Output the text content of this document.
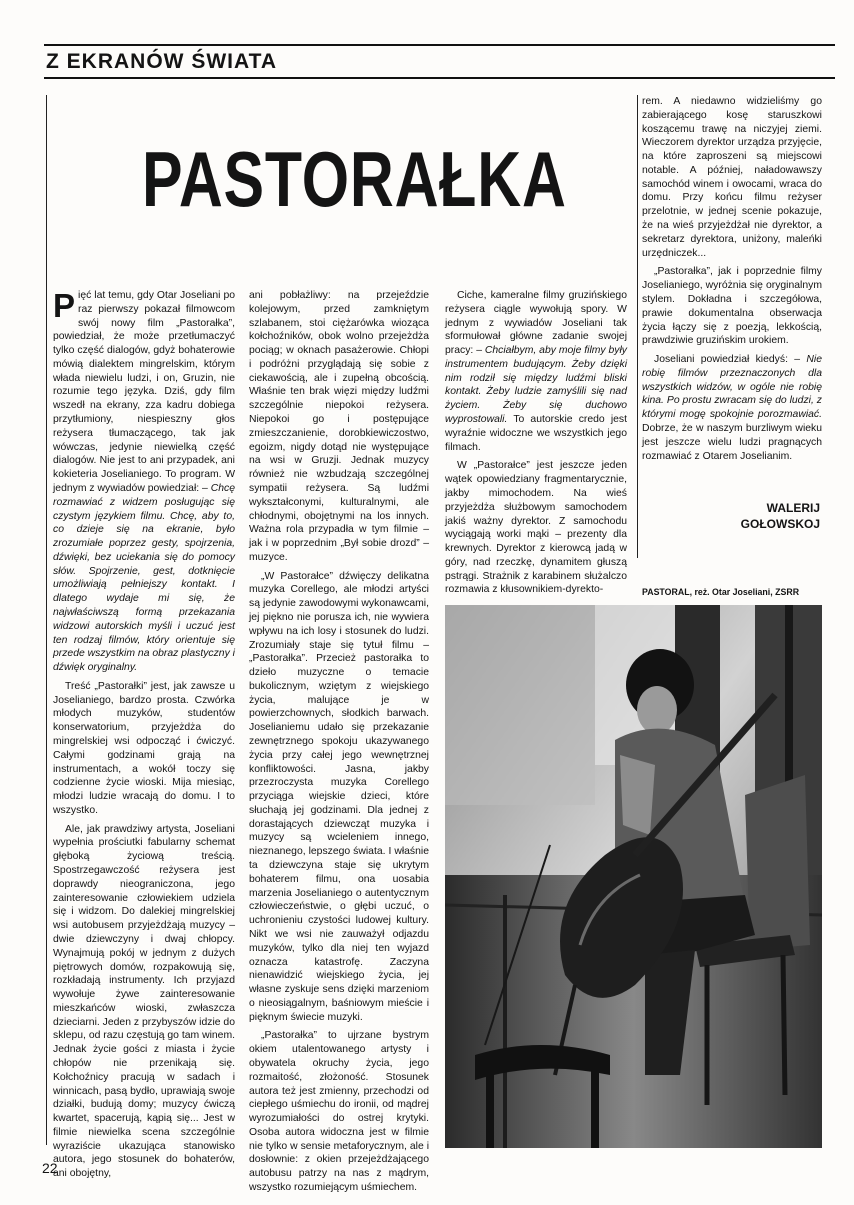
Z EKRANÓW ŚWIATA
PASTORAŁKA

Pięć lat temu, gdy Otar Joseliani po raz pierwszy pokazał filmowcom swój nowy film „Pastorałka”, powiedział, że może przetłumaczyć tylko część dialogów, gdyż bohaterowie mówią dialektem mingrelskim, którym włada niewielu ludzi, i on, Gruzin, nie rozumie tego języka. Dziś, gdy film wszedł na ekrany, zza kadru dobiega przytłumiony, niespieszny głos reżysera tłumaczącego, tak jak wówczas, jedynie niewielką część dialogów. Nie jest to ani przypadek, ani kokieteria Joselianiego. To program. W jednym z wywiadów powiedział: – Chcę rozmawiać z widzem posługując się czystym językiem filmu. Chcę, aby to, co dzieje się na ekranie, było zrozumiałe poprzez gesty, spojrzenia, dźwięki, bez uciekania się do pomocy słów. Spojrzenie, gest, dotknięcie umożliwiają pełniejszy kontakt. I dlatego wydaje mi się, że najwłaściwszą formą przekazania widzowi autorskich myśli i uczuć jest ten rodzaj filmów, który orientuje się przede wszystkim na obraz plastyczny i dźwięk oryginalny.

Treść „Pastorałki” jest, jak zawsze u Joselianiego, bardzo prosta. Czwórka młodych muzyków, studentów konserwatorium, przyjeżdża do mingrelskiej wsi odpocząć i ćwiczyć. Całymi godzinami grają na instrumentach, a wokół toczy się codzienne życie wioski. Mija miesiąc, młodzi ludzie wracają do domu. I to wszystko.

Ale, jak prawdziwy artysta, Joseliani wypełnia prościutki fabularny schemat głęboką życiową treścią. Spostrzegawczość reżysera jest doprawdy nieograniczona, jego zainteresowanie człowiekiem udziela się i widzom. Do dalekiej mingrelskiej wsi autobusem przyjeżdżają muzycy – dwie dziewczyny i dwaj chłopcy. Wynajmują pokój w jednym z dużych piętrowych domów, rozpakowują się, rozkładają instrumenty. Ich przyjazd wywołuje żywe zainteresowanie mieszkańców wioski, zwłaszcza dzieciarni. Jeden z przybyszów idzie do sklepu, od razu częstują go tam winem. Jednak życie gości z miasta i życie chłopów nie przenikają się. Kołchoźnicy pracują w sadach i winnicach, pasą bydło, uprawiają swoje działki, budują domy; muzycy ćwiczą kwartet, spacerują, kąpią się... Jest w filmie niewielka scena szczególnie wyraziście ukazująca stanowisko autora, jego stosunek do bohaterów, ani obojętny,

ani pobłażliwy: na przejeździe kolejowym, przed zamkniętym szlabanem, stoi ciężarówka wioząca kołchoźników, obok wolno przejeżdża pociąg; w oknach pasażerowie. Chłopi i podróżni przyglądają się sobie z ciekawością, ale i zupełną obcością. Właśnie ten brak więzi między ludźmi szczególnie niepokoi reżysera. Niepokoi go i postępujące zmieszczanienie, dorobkiewiczostwo, egoizm, nigdy dotąd nie występujące na wsi w Gruzji. Jednak muzycy również nie wzbudzają szczególnej sympatii reżysera. Są ludźmi wykształconymi, kulturalnymi, ale chłodnymi, obojętnymi na los innych. Ważna rola przypadła w tym filmie – jak i w poprzednim „Był sobie drozd” – muzyce.

„W Pastorałce” dźwięczy delikatna muzyka Corellego, ale młodzi artyści są jedynie zawodowymi wykonawcami, jej piękno nie porusza ich, nie wywiera wpływu na ich losy i stosunek do ludzi. Zrozumiały staje się tytuł filmu – „Pastorałka”. Przecież pastorałka to dzieło muzyczne o temacie bukolicznym, wziętym z wiejskiego życia, malujące je w powierzchownych, słodkich barwach. Joselianiemu udało się przekazanie zewnętrznego spokoju ukazywanego życia przy całej jego wewnętrznej konfliktowości. Jasna, jakby przezroczysta muzyka Corellego przyciąga wiejskie dzieci, które słuchają jej godzinami. Dla jednej z dorastających dziewcząt muzyka i muzycy są wcieleniem innego, nieznanego, lepszego świata. I właśnie ta dziewczyna staje się ukrytym bohaterem filmu, ona uosabia marzenia Joselianiego o autentycznym człowieczeństwie, o głębi uczuć, o uchronieniu czystości ludowej kultury. Nikt we wsi nie zauważył odjazdu muzyków, tylko dla niej ten wyjazd oznacza katastrofę. Zaczyna nienawidzić wiejskiego życia, jej własne zyskuje sens dzięki marzeniom o nieosiągalnym, baśniowym mieście i pięknym świecie muzyki.

„Pastorałka” to ujrzane bystrym okiem utalentowanego artysty i obywatela okruchy życia, jego rozmaitość, złożoność. Stosunek autora też jest zmienny, przechodzi od ciepłego uśmiechu do ironii, od mądrej wyrozumiałości do ostrej krytyki. Osoba autora widoczna jest w filmie nie tylko w sensie metaforycznym, ale i dosłownie: z okien przejeżdżającego autobusu patrzy na nas z mądrym, wszystko rozumiejącym uśmiechem.

Ciche, kameralne filmy gruzińskiego reżysera ciągle wywołują spory. W jednym z wywiadów Joseliani tak sformułował główne zadanie swojej pracy: – Chciałbym, aby moje filmy były instrumentem budującym. Żeby dzięki nim rodził się między ludźmi bliski kontakt. Żeby ludzie zamyślili się nad życiem. Żeby się duchowo wyprostowali. To autorskie credo jest wyraźnie widoczne we wszystkich jego filmach.

W „Pastorałce” jest jeszcze jeden wątek opowiedziany fragmentarycznie, jakby mimochodem. Na wieś przyjeżdża służbowym samochodem jakiś ważny dyrektor. Z samochodu wyciągają worki mąki – prezenty dla krewnych. Dyrektor z kierowcą jadą w góry, nad rzeczkę, dynamitem głuszą pstrągi. Strażnik z karabinem służalczo rozmawia z kłusownikiem-dyrekto-

rem. A niedawno widzieliśmy go zabierającego kosę staruszkowi koszącemu trawę na niczyjej ziemi. Wieczorem dyrektor urządza przyjęcie, na które zaproszeni są miejscowi notable. A później, naładowawszy samochód winem i owocami, wraca do domu. Przy końcu filmu reżyser przelotnie, w jednej scenie pokazuje, że na wieś przyjeżdżał nie dyrektor, a sekretarz dyrektora, uniżony, maleńki urzędniczek...

„Pastorałka”, jak i poprzednie filmy Joselianiego, wyróżnia się oryginalnym stylem. Dokładna i szczegółowa, prawie dokumentalna obserwacja życia łączy się z poezją, lekkością, prawdziwie gruzińskim urokiem.

Joseliani powiedział kiedyś: – Nie robię filmów przeznaczonych dla wszystkich widzów, w ogóle nie robię kina. Po prostu zwracam się do ludzi, z którymi mogę spokojnie porozmawiać. Dobrze, że w naszym burzliwym wieku jest jeszcze wielu ludzi pragnących rozmawiać z Otarem Joselianim.

WALERIJ
GOŁOWSKOJ

PASTORAL, reż. Otar Joseliani, ZSRR

22
